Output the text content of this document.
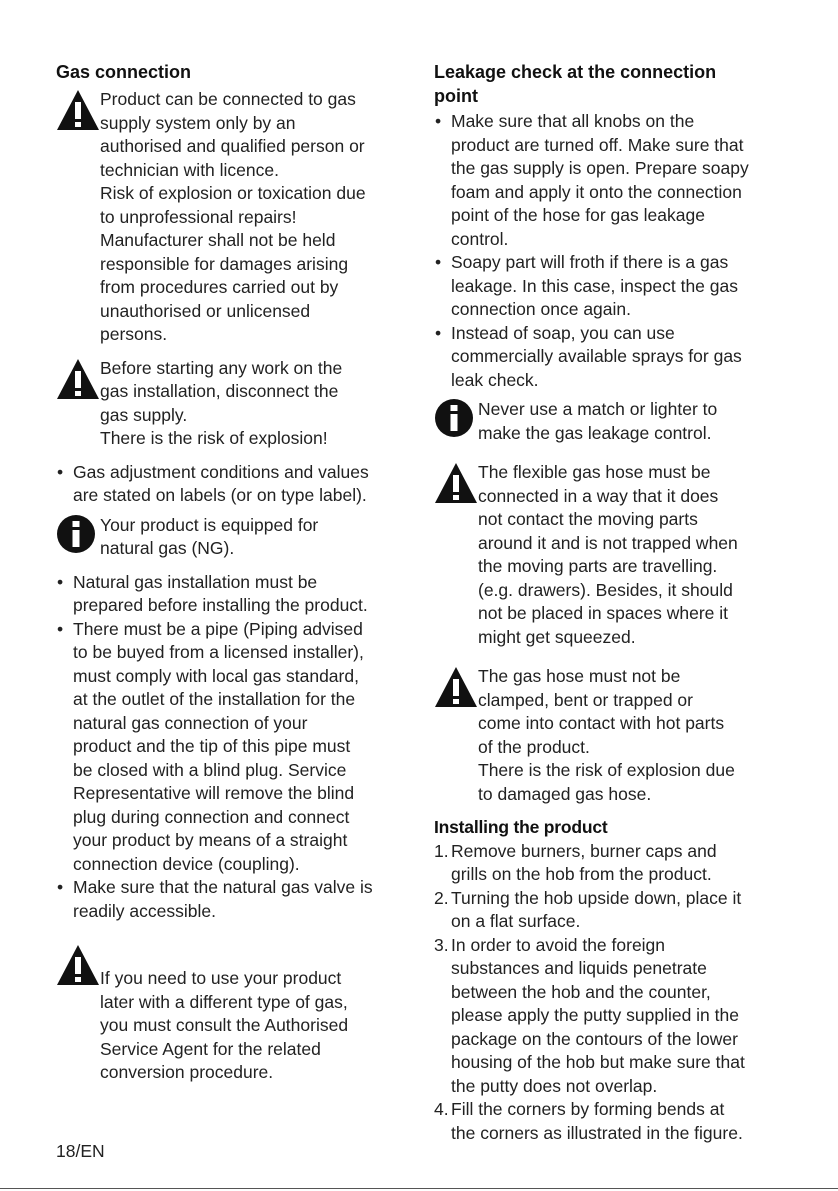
Gas connection

Product can be connected to gas
supply system only by an
authorised and qualified person or
technician with licence.
Risk of explosion or toxication due
to unprofessional repairs!
Manufacturer shall not be held
responsible for damages arising
from procedures carried out by
unauthorised or unlicensed
persons.

Before starting any work on the
gas installation, disconnect the
gas supply.
There is the risk of explosion!

• Gas adjustment conditions and values
are stated on labels (or on type label).

Your product is equipped for
natural gas (NG).

• Natural gas installation must be
prepared before installing the product.
• There must be a pipe (Piping advised
to be buyed from a licensed installer),
must comply with local gas standard,
at the outlet of the installation for the
natural gas connection of your
product and the tip of this pipe must
be closed with a blind plug. Service
Representative will remove the blind
plug during connection and connect
your product by means of a straight
connection device (coupling).
• Make sure that the natural gas valve is
readily accessible.

If you need to use your product
later with a different type of gas,
you must consult the Authorised
Service Agent for the related
conversion procedure.

Leakage check at the connection
point
• Make sure that all knobs on the
product are turned off. Make sure that
the gas supply is open. Prepare soapy
foam and apply it onto the connection
point of the hose for gas leakage
control.
• Soapy part will froth if there is a gas
leakage. In this case, inspect the gas
connection once again.
• Instead of soap, you can use
commercially available sprays for gas
leak check.

Never use a match or lighter to
make the gas leakage control.

The flexible gas hose must be
connected in a way that it does
not contact the moving parts
around it and is not trapped when
the moving parts are travelling.
(e.g. drawers). Besides, it should
not be placed in spaces where it
might get squeezed.

The gas hose must not be
clamped, bent or trapped or
come into contact with hot parts
of the product.
There is the risk of explosion due
to damaged gas hose.

Installing the product
1. Remove burners, burner caps and
grills on the hob from the product.
2. Turning the hob upside down, place it
on a flat surface.
3. In order to avoid the foreign
substances and liquids penetrate
between the hob and the counter,
please apply the putty supplied in the
package on the contours of the lower
housing of the hob but make sure that
the putty does not overlap.
4. Fill the corners by forming bends at
the corners as illustrated in the figure.
18/EN
